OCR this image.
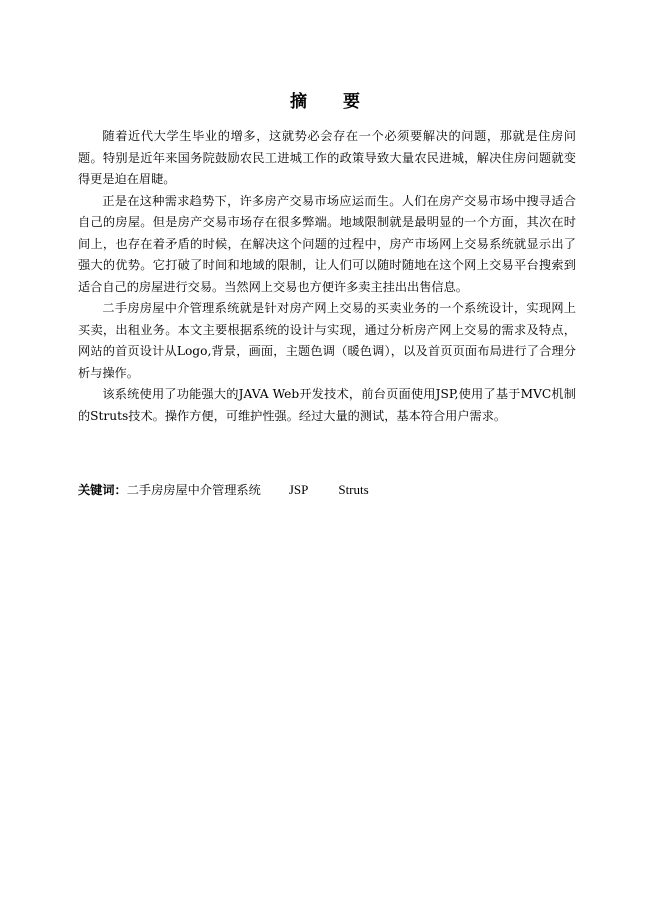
摘 要

随着近代大学生毕业的增多，这就势必会存在一个必须要解决的问题，那就是住房问题。特别是近年来国务院鼓励农民工进城工作的政策导致大量农民进城，解决住房问题就变得更是迫在眉睫。

正是在这种需求趋势下，许多房产交易市场应运而生。人们在房产交易市场中搜寻适合自己的房屋。但是房产交易市场存在很多弊端。地域限制就是最明显的一个方面，其次在时间上，也存在着矛盾的时候，在解决这个问题的过程中，房产市场网上交易系统就显示出了强大的优势。它打破了时间和地域的限制，让人们可以随时随地在这个网上交易平台搜索到适合自己的房屋进行交易。当然网上交易也方便许多卖主挂出出售信息。

二手房房屋中介管理系统就是针对房产网上交易的买卖业务的一个系统设计，实现网上买卖，出租业务。本文主要根据系统的设计与实现，通过分析房产网上交易的需求及特点，网站的首页设计从Logo,背景，画面，主题色调（暖色调），以及首页页面布局进行了合理分析与操作。

该系统使用了功能强大的JAVA Web开发技术，前台页面使用JSP,使用了基于MVC机制的Struts技术。操作方便，可维护性强。经过大量的测试，基本符合用户需求。

关键词：二手房房屋中介管理系统 JSP Struts
